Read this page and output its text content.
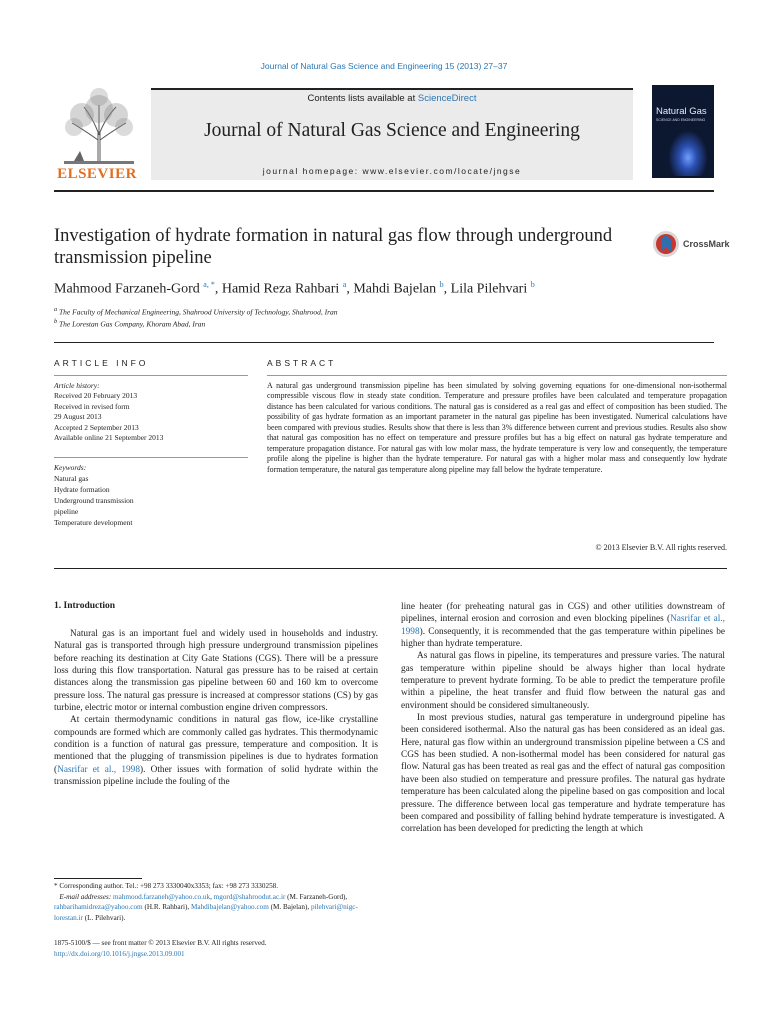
Journal of Natural Gas Science and Engineering 15 (2013) 27–37
ELSEVIER
Contents lists available at ScienceDirect
Journal of Natural Gas Science and Engineering
journal homepage: www.elsevier.com/locate/jngse
Natural Gas
SCIENCE AND ENGINEERING
Investigation of hydrate formation in natural gas flow through underground transmission pipeline
CrossMark
Mahmood Farzaneh-Gord $^{a, *}$, Hamid Reza Rahbari $^a$, Mahdi Bajelan $^b$, Lila Pilehvari $^b$
$^a$ The Faculty of Mechanical Engineering, Shahrood University of Technology, Shahrood, Iran
$^b$ The Lorestan Gas Company, Khoram Abad, Iran
ARTICLE INFO	ABSTRACT
Article history:
Received 20 February 2013
Received in revised form
29 August 2013
Accepted 2 September 2013
Available online 21 September 2013
Keywords:
Natural gas
Hydrate formation
Underground transmission
pipeline
Temperature development
A natural gas underground transmission pipeline has been simulated by solving governing equations for one-dimensional non-isothermal compressible viscous flow in steady state condition. Temperature and pressure profiles have been calculated and temperature propagation distance has been calculated for various conditions. The natural gas is considered as a real gas and effect of composition has been studied. The possibility of gas hydrate formation as an important parameter in the natural gas pipeline has been investigated. Numerical calculations have been compared with previous studies. Results show that there is less than 3% difference between current and previous studies. Results also show that natural gas composition has no effect on temperature and pressure profiles but has a big effect on natural gas hydrate temperature and temperature propagation distance. For natural gas with low molar mass, the hydrate temperature is very low and consequently, the temperature profile along the pipeline is higher than the hydrate temperature. For natural gas with a higher molar mass and consequently low hydrate formation temperature, the natural gas temperature along pipeline may fall below the hydrate temperature.
© 2013 Elsevier B.V. All rights reserved.
1. Introduction

Natural gas is an important fuel and widely used in households and industry. Natural gas is transported through high pressure underground transmission pipelines before reaching its destination at City Gate Stations (CGS). There will be a pressure loss during this flow transportation. Natural gas pressure has to be raised at certain distances along the transmission gas pipeline between 60 and 160 km to overcome pressure loss. The natural gas pressure is increased at compressor stations (CS) by gas turbine, electric motor or internal combustion engine driven compressors.

At certain thermodynamic conditions in natural gas flow, ice-like crystalline compounds are formed which are commonly called gas hydrates. This thermodynamic condition is a function of natural gas pressure, temperature and composition. It is mentioned that the plugging of transmission pipelines is due to hydrates formation (Nasrifar et al., 1998). Other issues with formation of solid hydrate within the transmission pipeline include the fouling of the

line heater (for preheating natural gas in CGS) and other utilities downstream of pipelines, internal erosion and corrosion and even blocking pipelines (Nasrifar et al., 1998). Consequently, it is recommended that the gas temperature within pipelines be higher than hydrate temperature.

As natural gas flows in pipeline, its temperatures and pressure varies. The natural gas temperature within pipeline should be always higher than local hydrate temperature to prevent hydrate forming. To be able to predict the temperature profile within a pipeline, the heat transfer and fluid flow between the natural gas and environment should be considered simultaneously.

In most previous studies, natural gas temperature in underground pipeline has been considered isothermal. Also the natural gas has been considered as an ideal gas. Here, natural gas flow within an underground transmission pipeline between a CS and CGS has been studied. A non-isothermal model has been considered for natural gas flow. Natural gas has been treated as real gas and the effect of natural gas composition have been also studied on temperature and pressure profiles. The natural gas hydrate temperature has been calculated along the pipeline based on gas composition and local pressure. The difference between local gas temperature and hydrate temperature has been compared and possibility of falling behind hydrate temperature is investigated. A correlation has been developed for predicting the length at which

* Corresponding author. Tel.: +98 273 3330040x3353; fax: +98 273 3330258.
E-mail addresses: mahmood.farzaneh@yahoo.co.uk, mgord@shahroodut.ac.ir (M. Farzaneh-Gord), rahbarihamidreza@yahoo.com (H.R. Rahbari), Mahdibajelan@yahoo.com (M. Bajelan), pilehvari@nigc-lorestan.ir (L. Pilehvari).
1875-5100/$ — see front matter © 2013 Elsevier B.V. All rights reserved.
http://dx.doi.org/10.1016/j.jngse.2013.09.001
